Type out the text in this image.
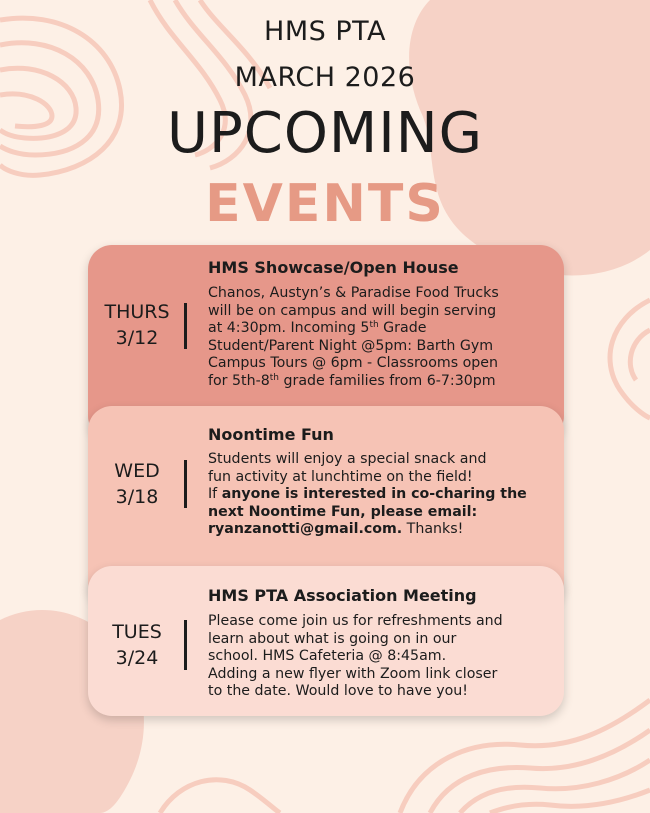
HMS PTA
MARCH 2026
UPCOMING
EVENTS
THURS
3/12
HMS Showcase/Open House
Chanos, Austyn’s & Paradise Food Trucks
will be on campus and will begin serving
at 4:30pm. Incoming 5th Grade
Student/Parent Night @5pm: Barth Gym
Campus Tours @ 6pm - Classrooms open
for 5th-8th grade families from 6-7:30pm
WED
3/18
Noontime Fun
Students will enjoy a special snack and
fun activity at lunchtime on the field!
If anyone is interested in co-charing the
next Noontime Fun, please email:
ryanzanotti@gmail.com. Thanks!
TUES
3/24
HMS PTA Association Meeting
Please come join us for refreshments and
learn about what is going on in our
school. HMS Cafeteria @ 8:45am.
Adding a new flyer with Zoom link closer
to the date. Would love to have you!
